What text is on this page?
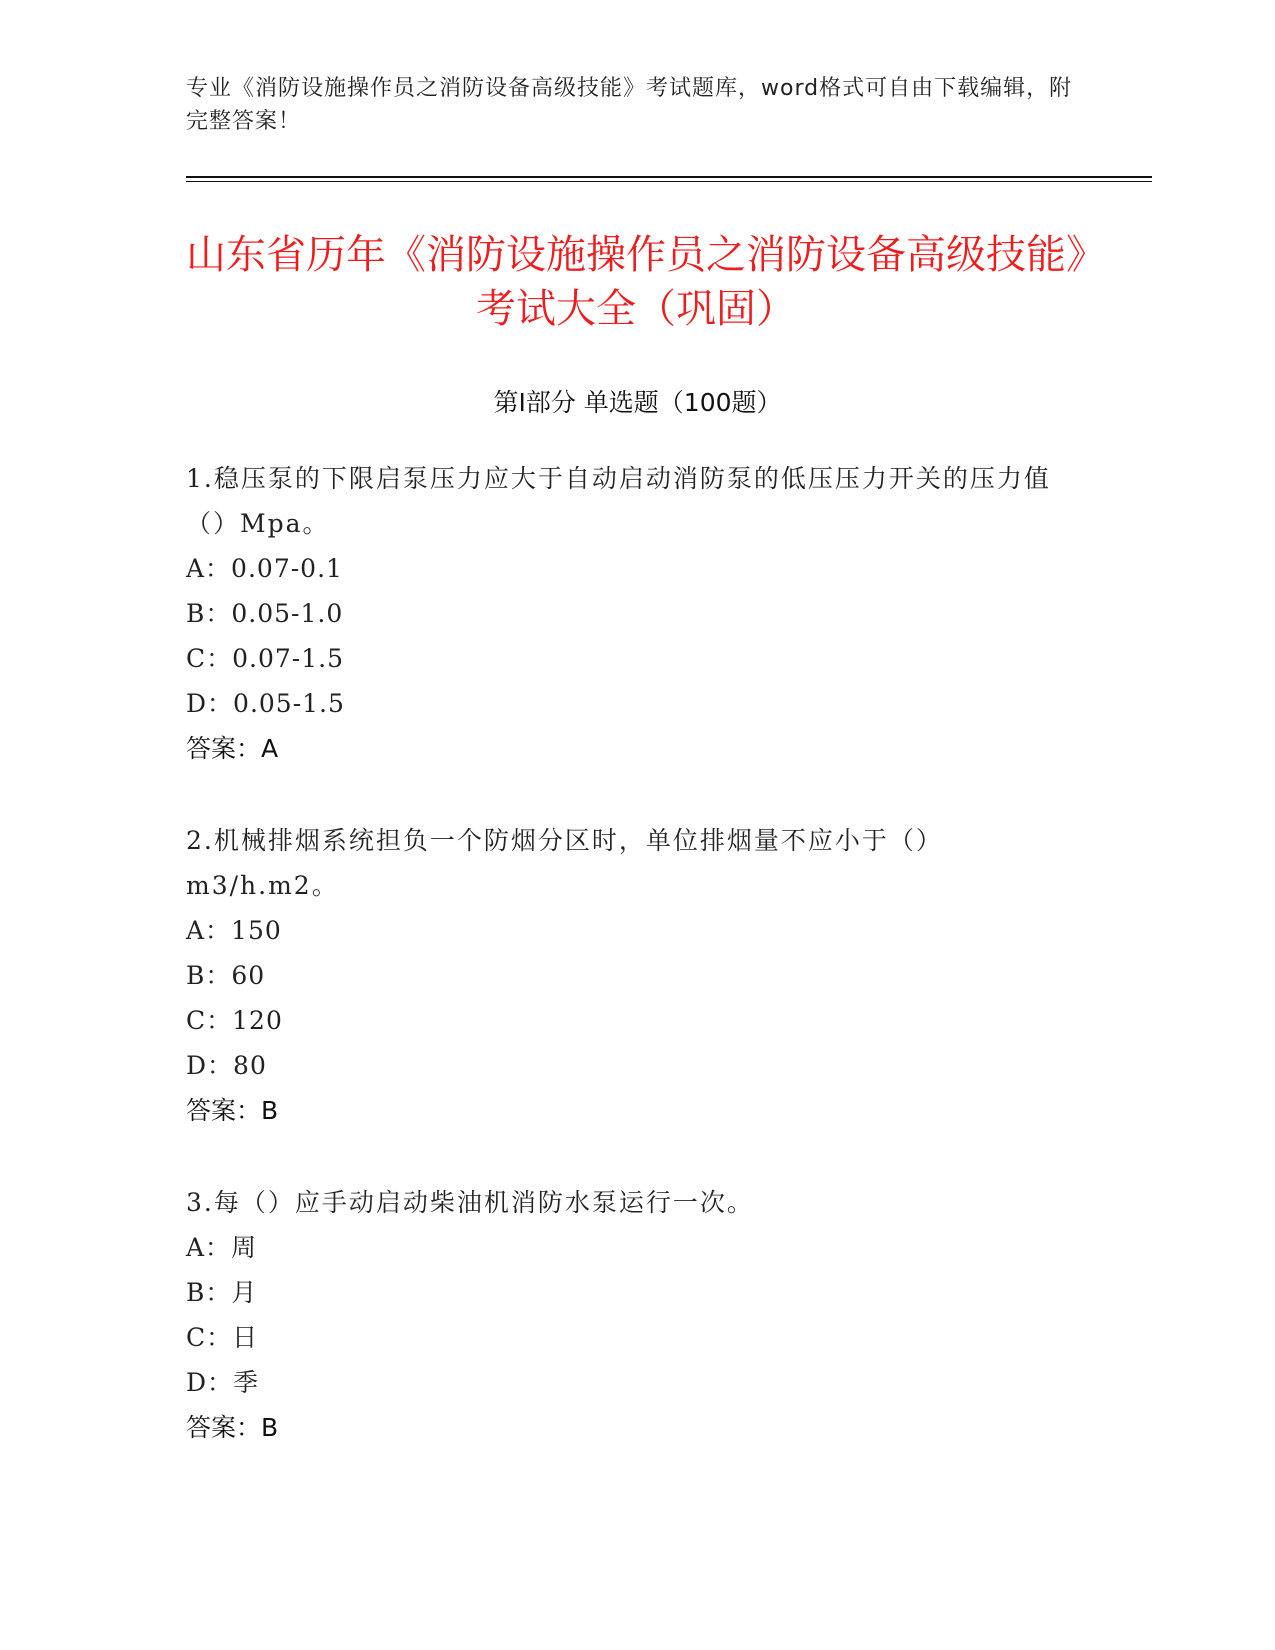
专业《消防设施操作员之消防设备高级技能》考试题库，word格式可自由下载编辑，附完整答案！
山东省历年《消防设施操作员之消防设备高级技能》考试大全（巩固）
第I部分 单选题（100题）

1.稳压泵的下限启泵压力应大于自动启动消防泵的低压压力开关的压力值（）Mpa。

A：0.07-0.1

B：0.05-1.0

C：0.07-1.5

D：0.05-1.5

答案：A

2.机械排烟系统担负一个防烟分区时，单位排烟量不应小于（）m3/h.m2。

A：150

B：60

C：120

D：80

答案：B

3.每（）应手动启动柴油机消防水泵运行一次。

A：周

B：月

C：日

D：季

答案：B
